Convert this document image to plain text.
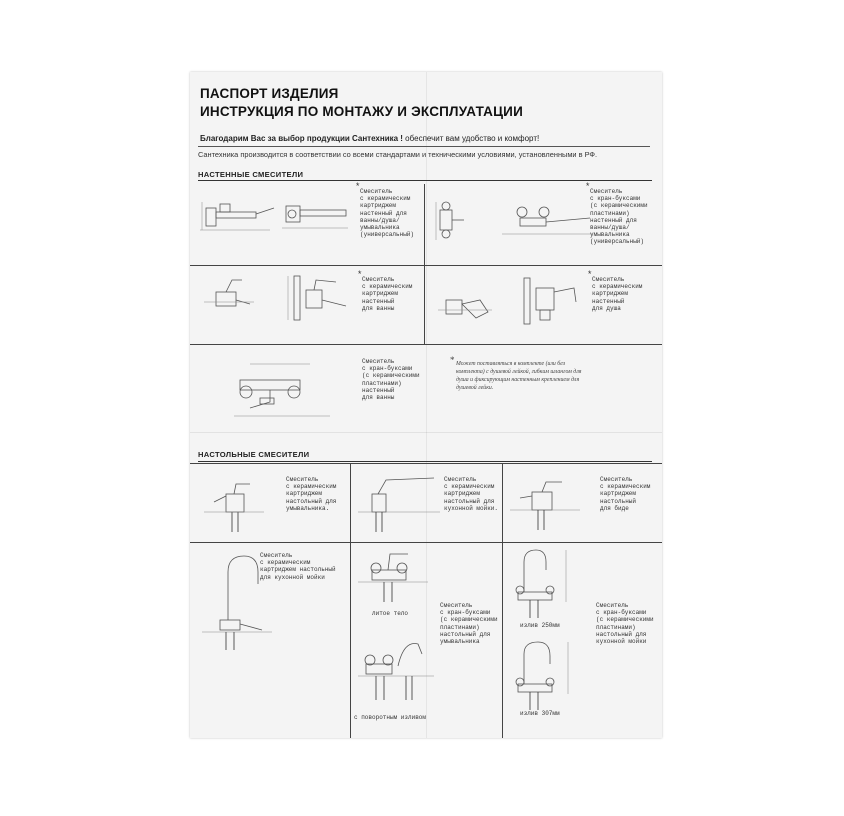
ПАСПОРТ ИЗДЕЛИЯ
ИНСТРУКЦИЯ ПО МОНТАЖУ И ЭКСПЛУАТАЦИИ
Благодарим Вас за выбор продукции Сантехника ! обеспечит вам удобство и комфорт!
Сантехника производится в соответствии со всеми стандартами и техническими условиями, установленными в РФ.
НАСТЕННЫЕ СМЕСИТЕЛИ
* Смеситель
с керамическим
картриджем
настенный для
ванны/душа/
умывальника
(универсальный)
* Смеситель
с кран-буксами
(с керамическими
пластинами)
настенный для
ванны/душа/
умывальника
(универсальный)
* Смеситель
с керамическим
картриджем
настенный
для ванны
* Смеситель
с керамическим
картриджем
настенный
для душа
Смеситель
с кран-буксами
(с керамическими
пластинами)
настенный
для ванны
* Может поставляться в комплекте (или без
комплекта) с душевой лейкой, гибким шлангом для
душа и фиксирующим настенным креплением для
душевой лейки.
НАСТОЛЬНЫЕ СМЕСИТЕЛИ
Смеситель
с керамическим
картриджем
настольный для
умывальника.
Смеситель
с керамическим
картриджем
настольный для
кухонной мойки.
Смеситель
с керамическим
картриджем
настольный
для биде
Смеситель
с керамическим
картриджем настольный
для кухонной мойки
литое тело
Смеситель
с кран-буксами
(с керамическими
пластинами)
настольный для
умывальника
с поворотным изливом
излив 250мм
Смеситель
с кран-буксами
(с керамическими
пластинами)
настольный для
кухонной мойки
излив 307мм
